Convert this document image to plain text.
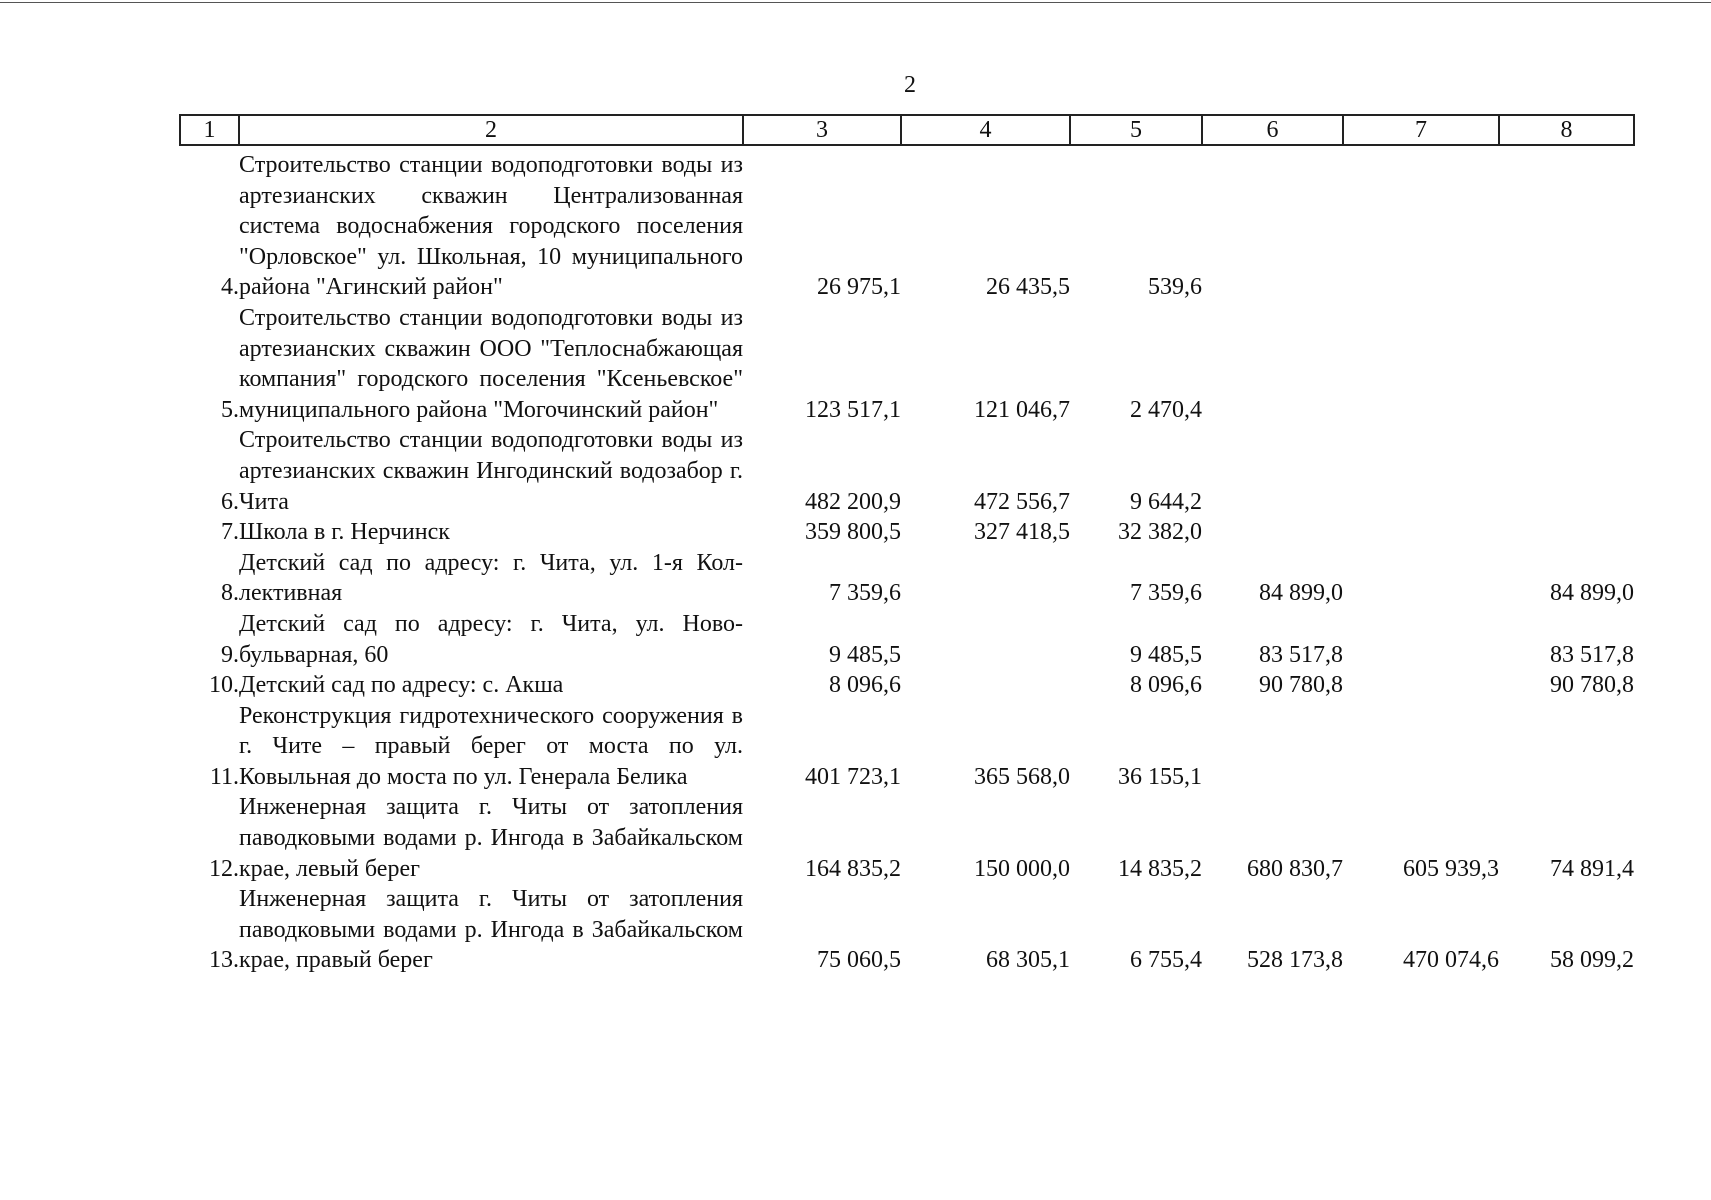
2
1	2	3	4	5	6	7	8
4.	Строительство станции водоподготовки воды из артезианских скважин Централизованная система водоснабжения городского поселения "Орловское" ул. Школьная, 10 муниципального района "Агинский район"	26 975,1	26 435,5	539,6			
5.	Строительство станции водоподготовки воды из артезианских скважин ООО "Теплоснабжающая компания" городского поселения "Ксеньевское" муниципального района "Могочинский район"	123 517,1	121 046,7	2 470,4			
6.	Строительство станции водоподготовки воды из артезианских скважин Ингодинский водозабор г. Чита	482 200,9	472 556,7	9 644,2			
7.	Школа в г. Нерчинск	359 800,5	327 418,5	32 382,0			
8.	Детский сад по адресу: г. Чита, ул. 1-я Коллективная	7 359,6		7 359,6	84 899,0		84 899,0
9.	Детский сад по адресу: г. Чита, ул. Новобульварная, 60	9 485,5		9 485,5	83 517,8		83 517,8
10.	Детский сад по адресу: с. Акша	8 096,6		8 096,6	90 780,8		90 780,8
11.	Реконструкция гидротехнического сооружения в г. Чите – правый берег от моста по ул. Ковыльная до моста по ул. Генерала Белика	401 723,1	365 568,0	36 155,1			
12.	Инженерная защита г. Читы от затопления паводковыми водами р. Ингода в Забайкальском крае, левый берег	164 835,2	150 000,0	14 835,2	680 830,7	605 939,3	74 891,4
13.	Инженерная защита г. Читы от затопления паводковыми водами р. Ингода в Забайкальском крае, правый берег	75 060,5	68 305,1	6 755,4	528 173,8	470 074,6	58 099,2
